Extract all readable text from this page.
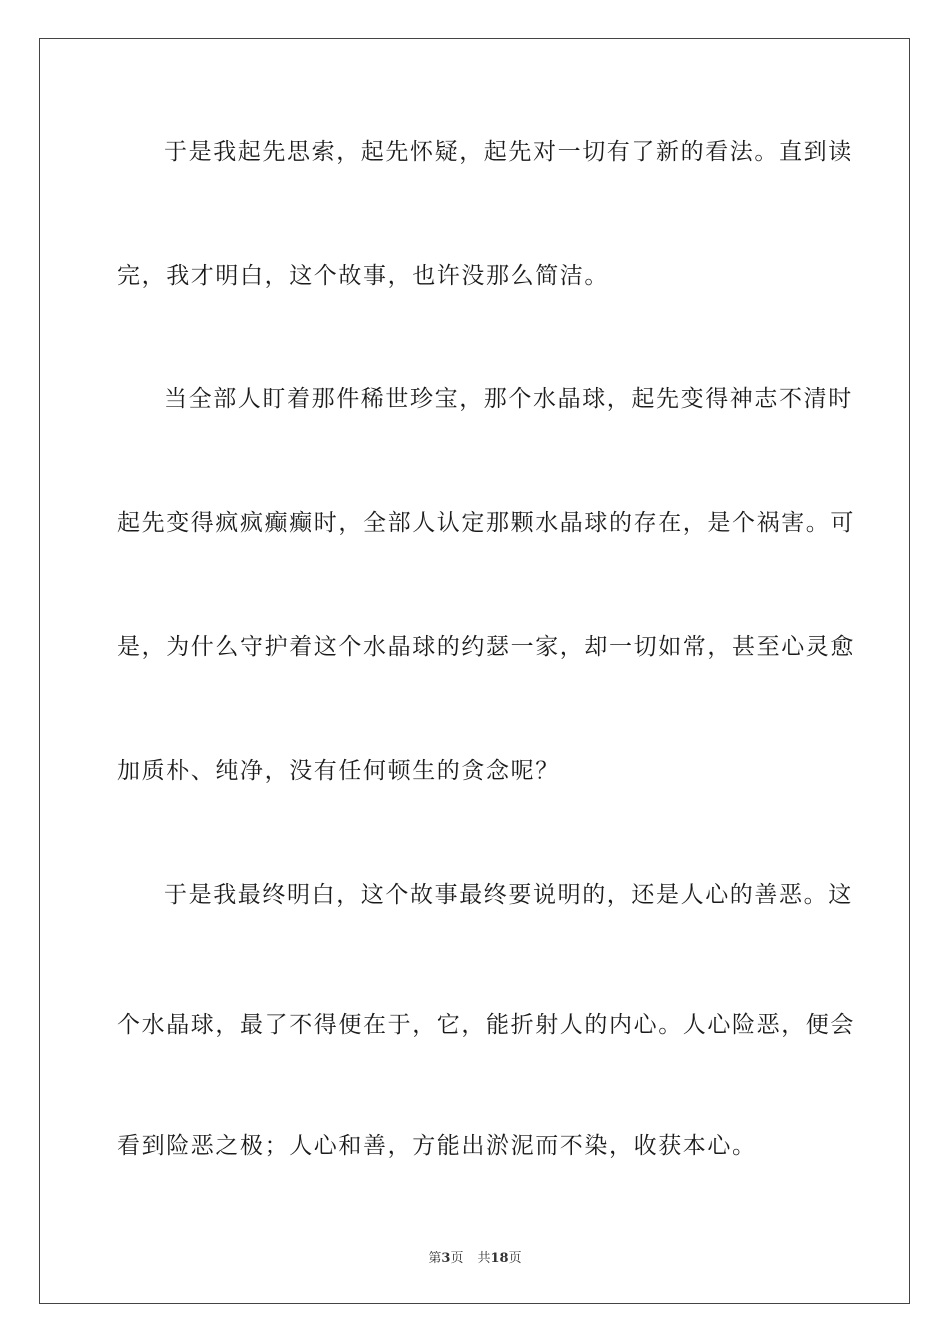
于是我起先思索，起先怀疑，起先对一切有了新的看法。直到读
完，我才明白，这个故事，也许没那么简洁。
当全部人盯着那件稀世珍宝，那个水晶球，起先变得神志不清时
起先变得疯疯癫癫时，全部人认定那颗水晶球的存在，是个祸害。可
是，为什么守护着这个水晶球的约瑟一家，却一切如常，甚至心灵愈
加质朴、纯净，没有任何顿生的贪念呢？
于是我最终明白，这个故事最终要说明的，还是人心的善恶。这
个水晶球，最了不得便在于，它，能折射人的内心。人心险恶，便会
看到险恶之极；人心和善，方能出淤泥而不染，收获本心。
第3页 共18页
